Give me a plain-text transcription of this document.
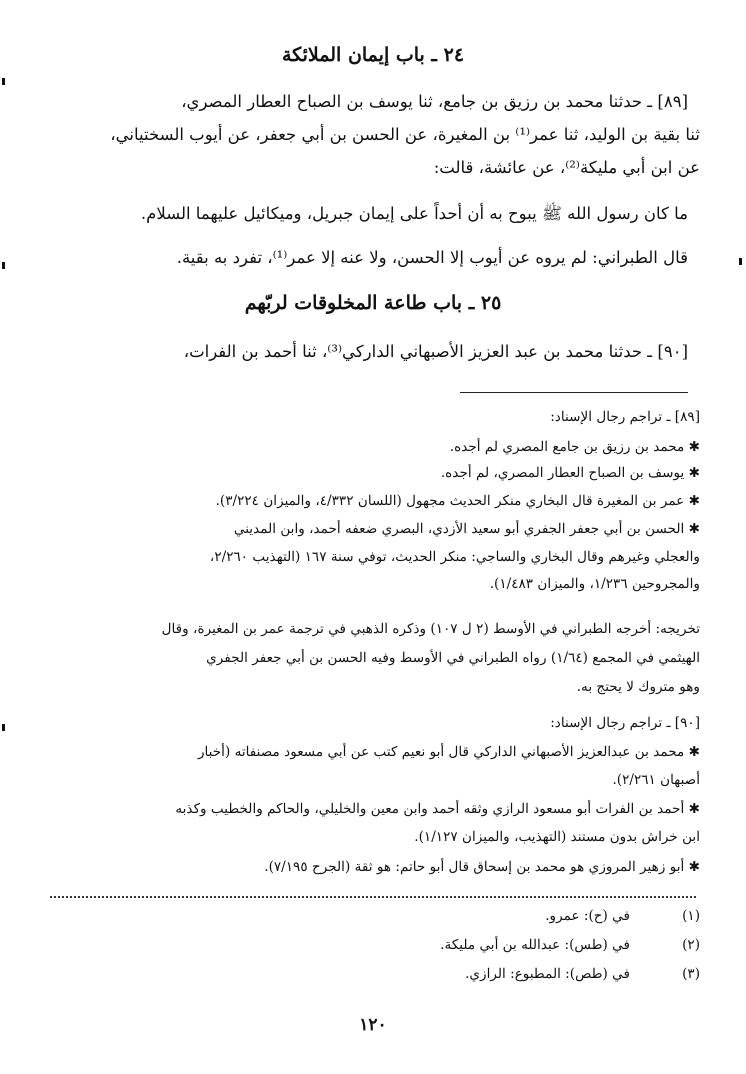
٢٤ ـ باب إيمان الملائكة
[٨٩] ـ حدثنا محمد بن رزيق بن جامع، ثنا يوسف بن الصباح العطار المصري،
ثنا بقية بن الوليد، ثنا عمر⁽¹⁾ بن المغيرة، عن الحسن بن أبي جعفر، عن أيوب السختياني،
عن ابن أبي مليكة⁽²⁾، عن عائشة، قالت:
ما كان رسول الله ﷺ يبوح به أن أحداً على إيمان جبريل، وميكائيل عليهما السلام.
قال الطبراني: لم يروه عن أيوب إلا الحسن، ولا عنه إلا عمر⁽¹⁾، تفرد به بقية.
٢٥ ـ باب طاعة المخلوقات لربّهم
[٩٠] ـ حدثنا محمد بن عبد العزيز الأصبهاني الداركي⁽³⁾، ثنا أحمد بن الفرات،
[٨٩] ـ تراجم رجال الإسناد:
✱ محمد بن رزيق بن جامع المصري لم أجده.
✱ يوسف بن الصباح العطار المصري، لم أجده.
✱ عمر بن المغيرة قال البخاري منكر الحديث مجهول (اللسان ٤/٣٣٢، والميزان ٣/٢٢٤).
✱ الحسن بن أبي جعفر الجفري أبو سعيد الأزدي، البصري ضعفه أحمد، وابن المديني
والعجلي وغيرهم وقال البخاري والساجي: منكر الحديث، توفي سنة ١٦٧ (التهذيب ٢/٢٦٠،
والمجروحين ١/٢٣٦، والميزان ١/٤٨٣).
تخريجه: أخرجه الطبراني في الأوسط (٢ ل ١٠٧) وذكره الذهبي في ترجمة عمر بن المغيرة، وقال
الهيثمي في المجمع (١/٦٤) رواه الطبراني في الأوسط وفيه الحسن بن أبي جعفر الجفري
وهو متروك لا يحتج به.
[٩٠] ـ تراجم رجال الإسناد:
✱ محمد بن عبدالعزيز الأصبهاني الداركي قال أبو نعيم كتب عن أبي مسعود مصنفاته (أخبار
أصبهان ٢/٢٦١).
✱ أحمد بن الفرات أبو مسعود الرازي وثقه أحمد وابن معين والخليلي، والحاكم والخطيب وكذبه
ابن خراش بدون مستند (التهذيب، والميزان ١/١٢٧).
✱ أبو زهير المروزي هو محمد بن إسحاق قال أبو حاتم: هو ثقة (الجرح ٧/١٩٥).
(١)في (ح): عمرو.
(٢)في (طس): عبدالله بن أبي مليكة.
(٣)في (طص): المطبوع: الرازي.
١٢٠
